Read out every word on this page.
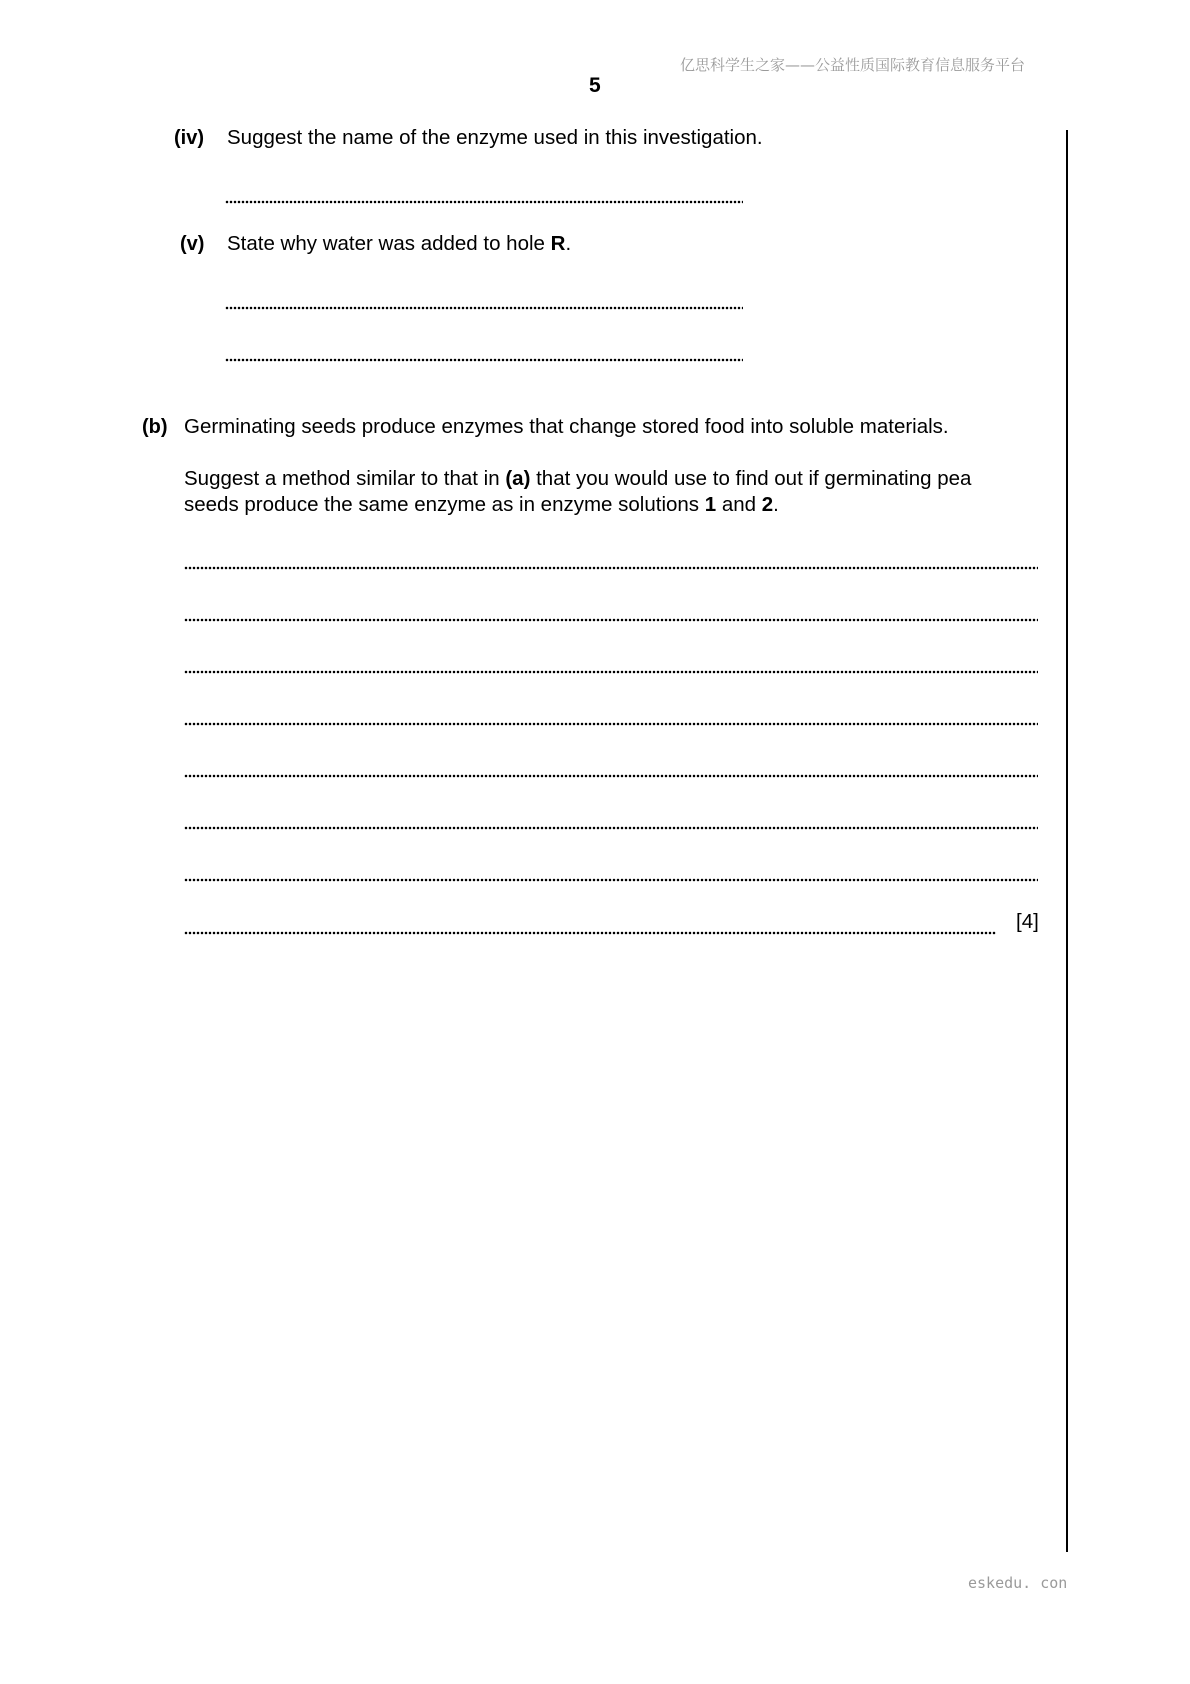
亿思科学生之家——公益性质国际教育信息服务平台
5
(iv) Suggest the name of the enzyme used in this investigation.
(v) State why water was added to hole R.
(b) Germinating seeds produce enzymes that change stored food into soluble materials.
Suggest a method similar to that in (a) that you would use to find out if germinating pea
seeds produce the same enzyme as in enzyme solutions 1 and 2.
[4]
eskedu. con
